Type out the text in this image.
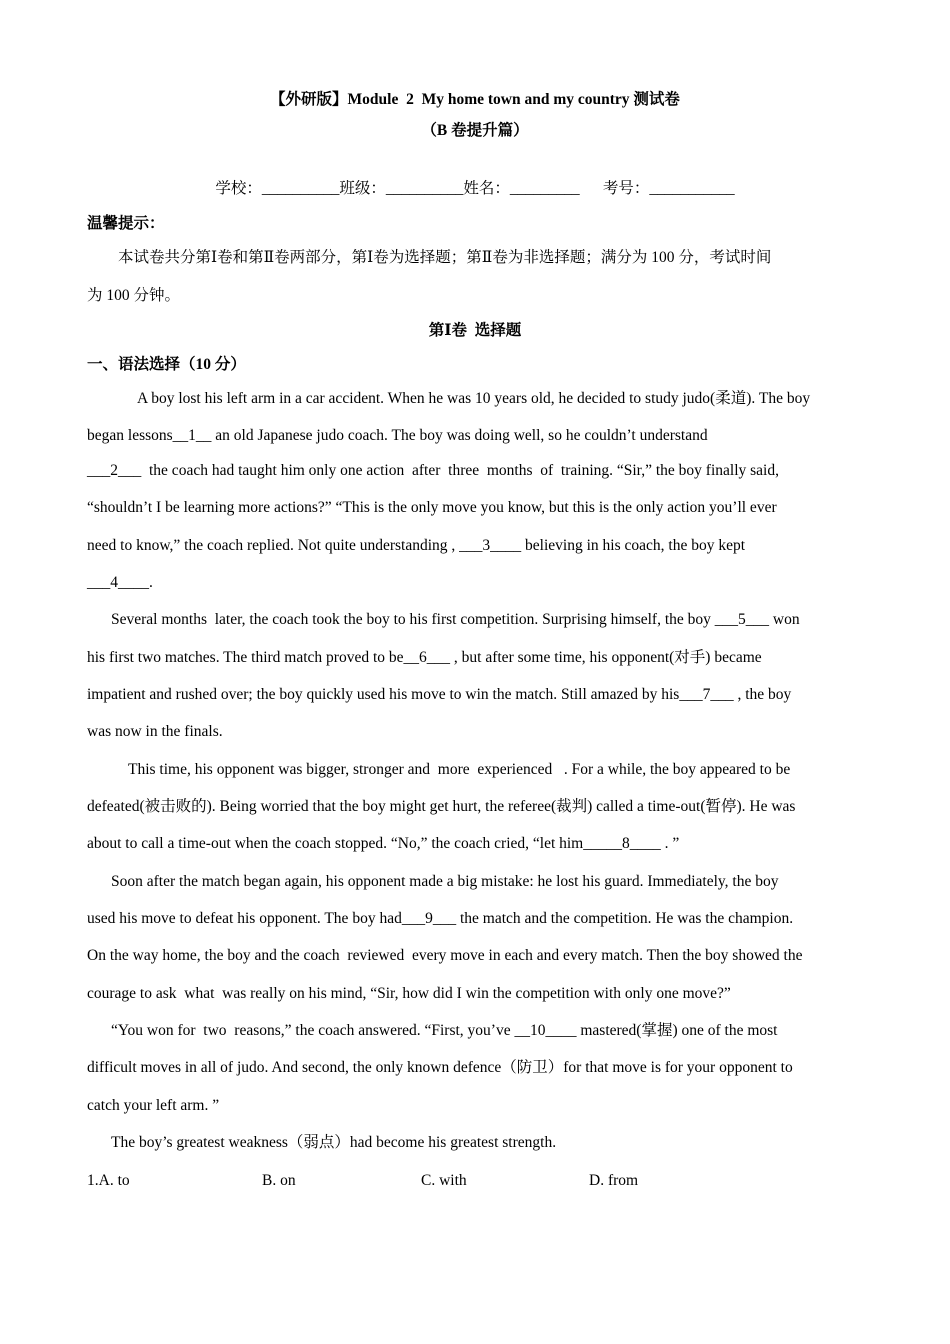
【外研版】Module  2  My home town and my country 测试卷
（B 卷提升篇）
学校：__________班级：__________姓名：_________      考号：___________
温馨提示：
本试卷共分第Ⅰ卷和第Ⅱ卷两部分，第Ⅰ卷为选择题；第Ⅱ卷为非选择题；满分为 100 分，考试时间
为 100 分钟。
第Ⅰ卷  选择题
一、语法选择（10 分）
A boy lost his left arm in a car accident. When he was 10 years old, he decided to study judo(柔道). The boy
began lessons__1__ an old Japanese judo coach. The boy was doing well, so he couldn’t understand
___2___  the coach had taught him only one action  after  three  months  of  training. “Sir,” the boy finally said,
“shouldn’t I be learning more actions?” “This is the only move you know, but this is the only action you’ll ever
need to know,” the coach replied. Not quite understanding , ___3____ believing in his coach, the boy kept
___4____.
Several months  later, the coach took the boy to his first competition. Surprising himself, the boy ___5___ won
his first two matches. The third match proved to be__6___ , but after some time, his opponent(对手) became
impatient and rushed over; the boy quickly used his move to win the match. Still amazed by his___7___ , the boy
was now in the finals.
This time, his opponent was bigger, stronger and  more  experienced   . For a while, the boy appeared to be
defeated(被击败的). Being worried that the boy might get hurt, the referee(裁判) called a time-out(暂停). He was
about to call a time-out when the coach stopped. “No,” the coach cried, “let him_____8____ . ”
Soon after the match began again, his opponent made a big mistake: he lost his guard. Immediately, the boy
used his move to defeat his opponent. The boy had___9___ the match and the competition. He was the champion.
On the way home, the boy and the coach  reviewed  every move in each and every match. Then the boy showed the
courage to ask  what  was really on his mind, “Sir, how did I win the competition with only one move?”
“You won for  two  reasons,” the coach answered. “First, you’ve __10____ mastered(掌握) one of the most
difficult moves in all of judo. And second, the only known defence（防卫）for that move is for your opponent to
catch your left arm. ”
The boy’s greatest weakness（弱点）had become his greatest strength.
1.A. to	B. on	C. with	D. from
